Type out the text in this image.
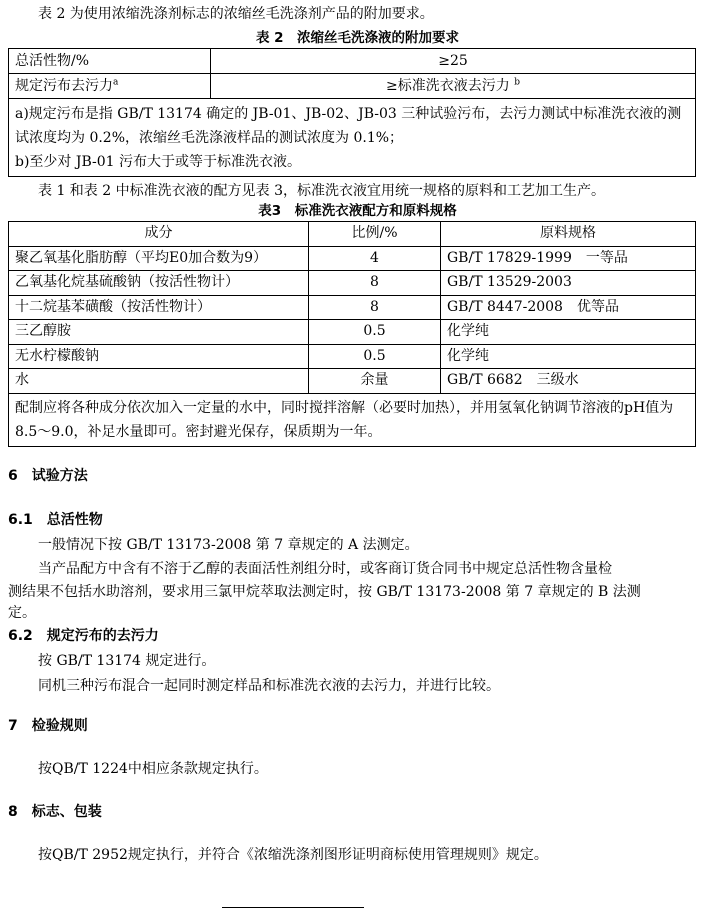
表 2 为使用浓缩洗涤剂标志的浓缩丝毛洗涤剂产品的附加要求。
表 2　浓缩丝毛洗涤液的附加要求
总活性物/%	≥25
规定污布去污力$^a$	≥标准洗衣液去污力 $^b$

a)规定污布是指 GB/T 13174 确定的 JB-01、JB-02、JB-03 三种试验污布，去污力测试中标准洗衣液的测试浓度均为 0.2%，浓缩丝毛洗涤液样品的测试浓度为 0.1%；
b)至少对 JB-01 污布大于或等于标准洗衣液。	
表 1 和表 2 中标准洗衣液的配方见表 3，标准洗衣液宜用统一规格的原料和工艺加工生产。
表3　标准洗衣液配方和原料规格
成分	比例/%	原料规格
聚乙氧基化脂肪醇（平均E0加合数为9）	4	GB/T 17829-1999　一等品
乙氧基化烷基硫酸钠（按活性物计）	8	GB/T 13529-2003
十二烷基苯磺酸（按活性物计）	8	GB/T 8447-2008　优等品
三乙醇胺	0.5	化学纯
无水柠檬酸钠	0.5	化学纯
水	余量	GB/T 6682　三级水
配制应将各种成分依次加入一定量的水中，同时搅拌溶解（必要时加热），并用氢氧化钠调节溶液的pH值为8.5～9.0，补足水量即可。密封避光保存，保质期为一年。		
6　试验方法
6.1　总活性物
一般情况下按 GB/T 13173-2008 第 7 章规定的 A 法测定。
当产品配方中含有不溶于乙醇的表面活性剂组分时，或客商订货合同书中规定总活性物含量检
测结果不包括水助溶剂，要求用三氯甲烷萃取法测定时，按 GB/T 13173-2008 第 7 章规定的 B 法测
定。
6.2　规定污布的去污力
按 GB/T 13174 规定进行。
同机三种污布混合一起同时测定样品和标准洗衣液的去污力，并进行比较。
7　检验规则
按QB/T 1224中相应条款规定执行。
8　标志、包装
按QB/T 2952规定执行，并符合《浓缩洗涤剂图形证明商标使用管理规则》规定。
